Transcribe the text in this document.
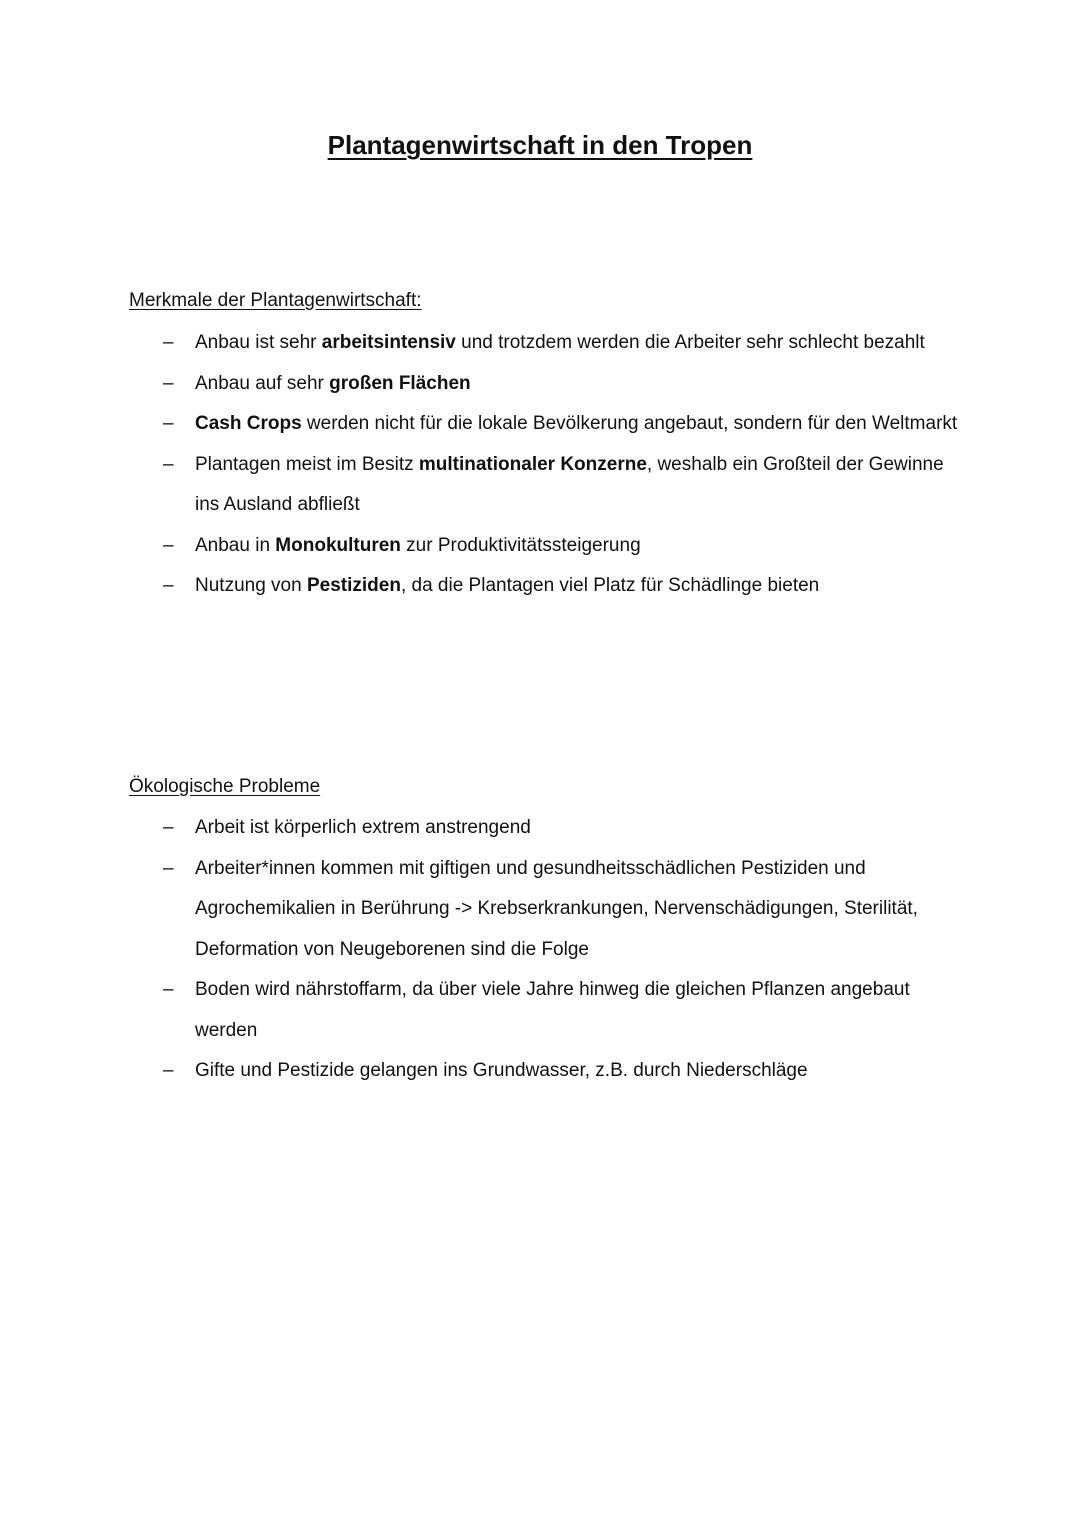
Plantagenwirtschaft in den Tropen
Merkmale der Plantagenwirtschaft:
– Anbau ist sehr arbeitsintensiv und trotzdem werden die Arbeiter sehr schlecht bezahlt
– Anbau auf sehr großen Flächen
– Cash Crops werden nicht für die lokale Bevölkerung angebaut, sondern für den Weltmarkt
– Plantagen meist im Besitz multinationaler Konzerne, weshalb ein Großteil der Gewinne ins Ausland abfließt
– Anbau in Monokulturen zur Produktivitätssteigerung
– Nutzung von Pestiziden, da die Plantagen viel Platz für Schädlinge bieten
Ökologische Probleme
– Arbeit ist körperlich extrem anstrengend
– Arbeiter*innen kommen mit giftigen und gesundheitsschädlichen Pestiziden und Agrochemikalien in Berührung -> Krebserkrankungen, Nervenschädigungen, Sterilität, Deformation von Neugeborenen sind die Folge
– Boden wird nährstoffarm, da über viele Jahre hinweg die gleichen Pflanzen angebaut werden
– Gifte und Pestizide gelangen ins Grundwasser, z.B. durch Niederschläge
